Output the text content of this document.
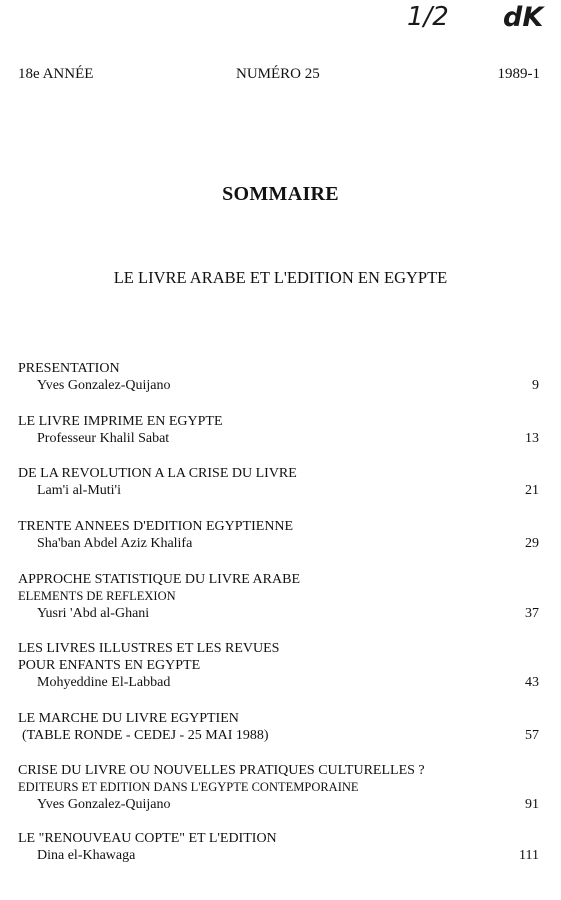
1/2 dK
18e ANNÉE	NUMÉRO 25	1989-1
SOMMAIRE
LE LIVRE ARABE ET L'EDITION EN EGYPTE
PRESENTATION
Yves Gonzalez-Quijano	9
LE LIVRE IMPRIME EN EGYPTE
Professeur Khalil Sabat	13
DE LA REVOLUTION A LA CRISE DU LIVRE
Lam'i al-Muti'i	21
TRENTE ANNEES D'EDITION EGYPTIENNE
Sha'ban Abdel Aziz Khalifa	29
APPROCHE STATISTIQUE DU LIVRE ARABE
ELEMENTS DE REFLEXION
Yusri 'Abd al-Ghani	37
LES LIVRES ILLUSTRES ET LES REVUES
POUR ENFANTS EN EGYPTE
Mohyeddine El-Labbad	43
LE MARCHE DU LIVRE EGYPTIEN
(TABLE RONDE - CEDEJ - 25 MAI 1988)	57
CRISE DU LIVRE OU NOUVELLES PRATIQUES CULTURELLES ?
EDITEURS ET EDITION DANS L'EGYPTE CONTEMPORAINE
Yves Gonzalez-Quijano	91
LE "RENOUVEAU COPTE" ET L'EDITION
Dina el-Khawaga	111
